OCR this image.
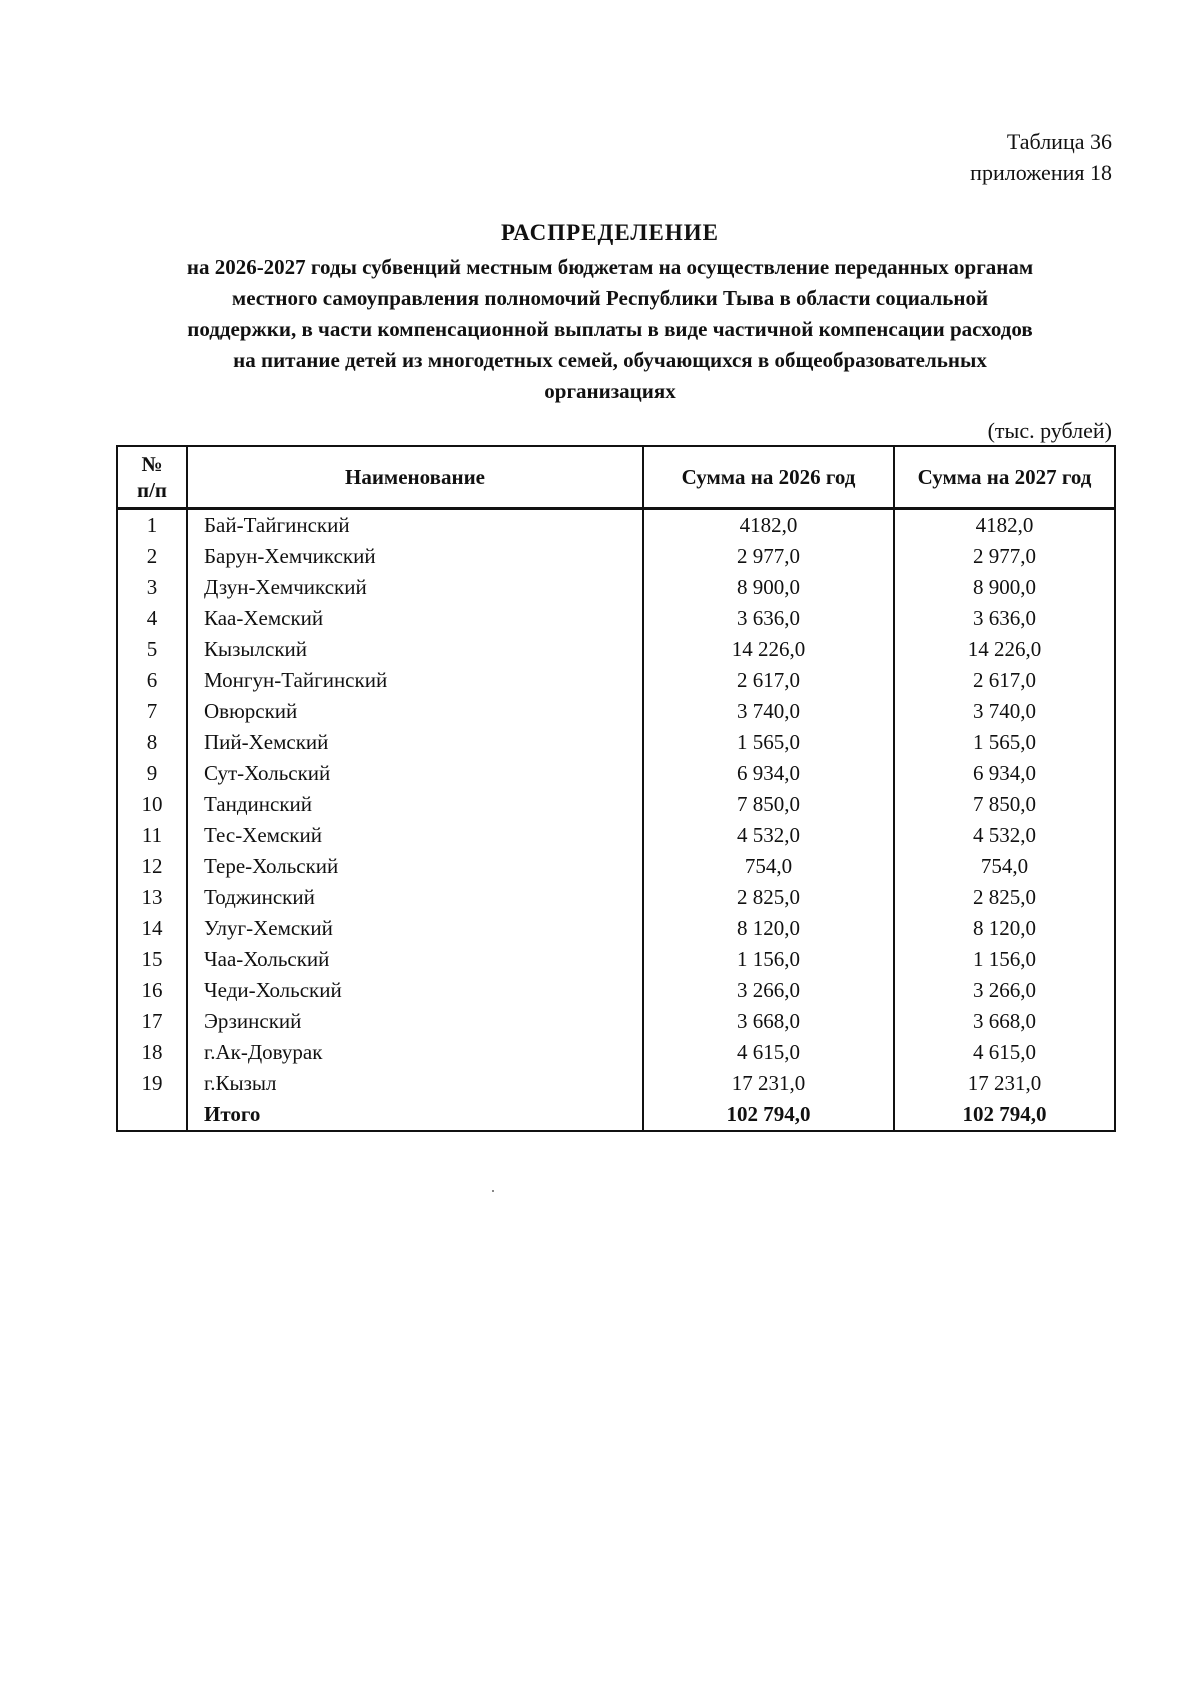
Таблица 36
приложения 18
РАСПРЕДЕЛЕНИЕ
на 2026-2027 годы субвенций местным бюджетам на осуществление переданных органам
местного самоуправления полномочий Республики Тыва в области социальной
поддержки, в части компенсационной выплаты в виде частичной компенсации расходов
на питание детей из многодетных семей, обучающихся в общеобразовательных
организациях
(тыс. рублей)
№
п/п	Наименование	Сумма на 2026 год	Сумма на 2027 год
1	Бай-Тайгинский	4182,0	4182,0
2	Барун-Хемчикский	2 977,0	2 977,0
3	Дзун-Хемчикский	8 900,0	8 900,0
4	Каа-Хемский	3 636,0	3 636,0
5	Кызылский	14 226,0	14 226,0
6	Монгун-Тайгинский	2 617,0	2 617,0
7	Овюрский	3 740,0	3 740,0
8	Пий-Хемский	1 565,0	1 565,0
9	Сут-Хольский	6 934,0	6 934,0
10	Тандинский	7 850,0	7 850,0
11	Тес-Хемский	4 532,0	4 532,0
12	Тере-Хольский	754,0	754,0
13	Тоджинский	2 825,0	2 825,0
14	Улуг-Хемский	8 120,0	8 120,0
15	Чаа-Хольский	1 156,0	1 156,0
16	Чеди-Хольский	3 266,0	3 266,0
17	Эрзинский	3 668,0	3 668,0
18	г.Ак-Довурак	4 615,0	4 615,0
19	г.Кызыл	17 231,0	17 231,0
	Итого	102 794,0	102 794,0
